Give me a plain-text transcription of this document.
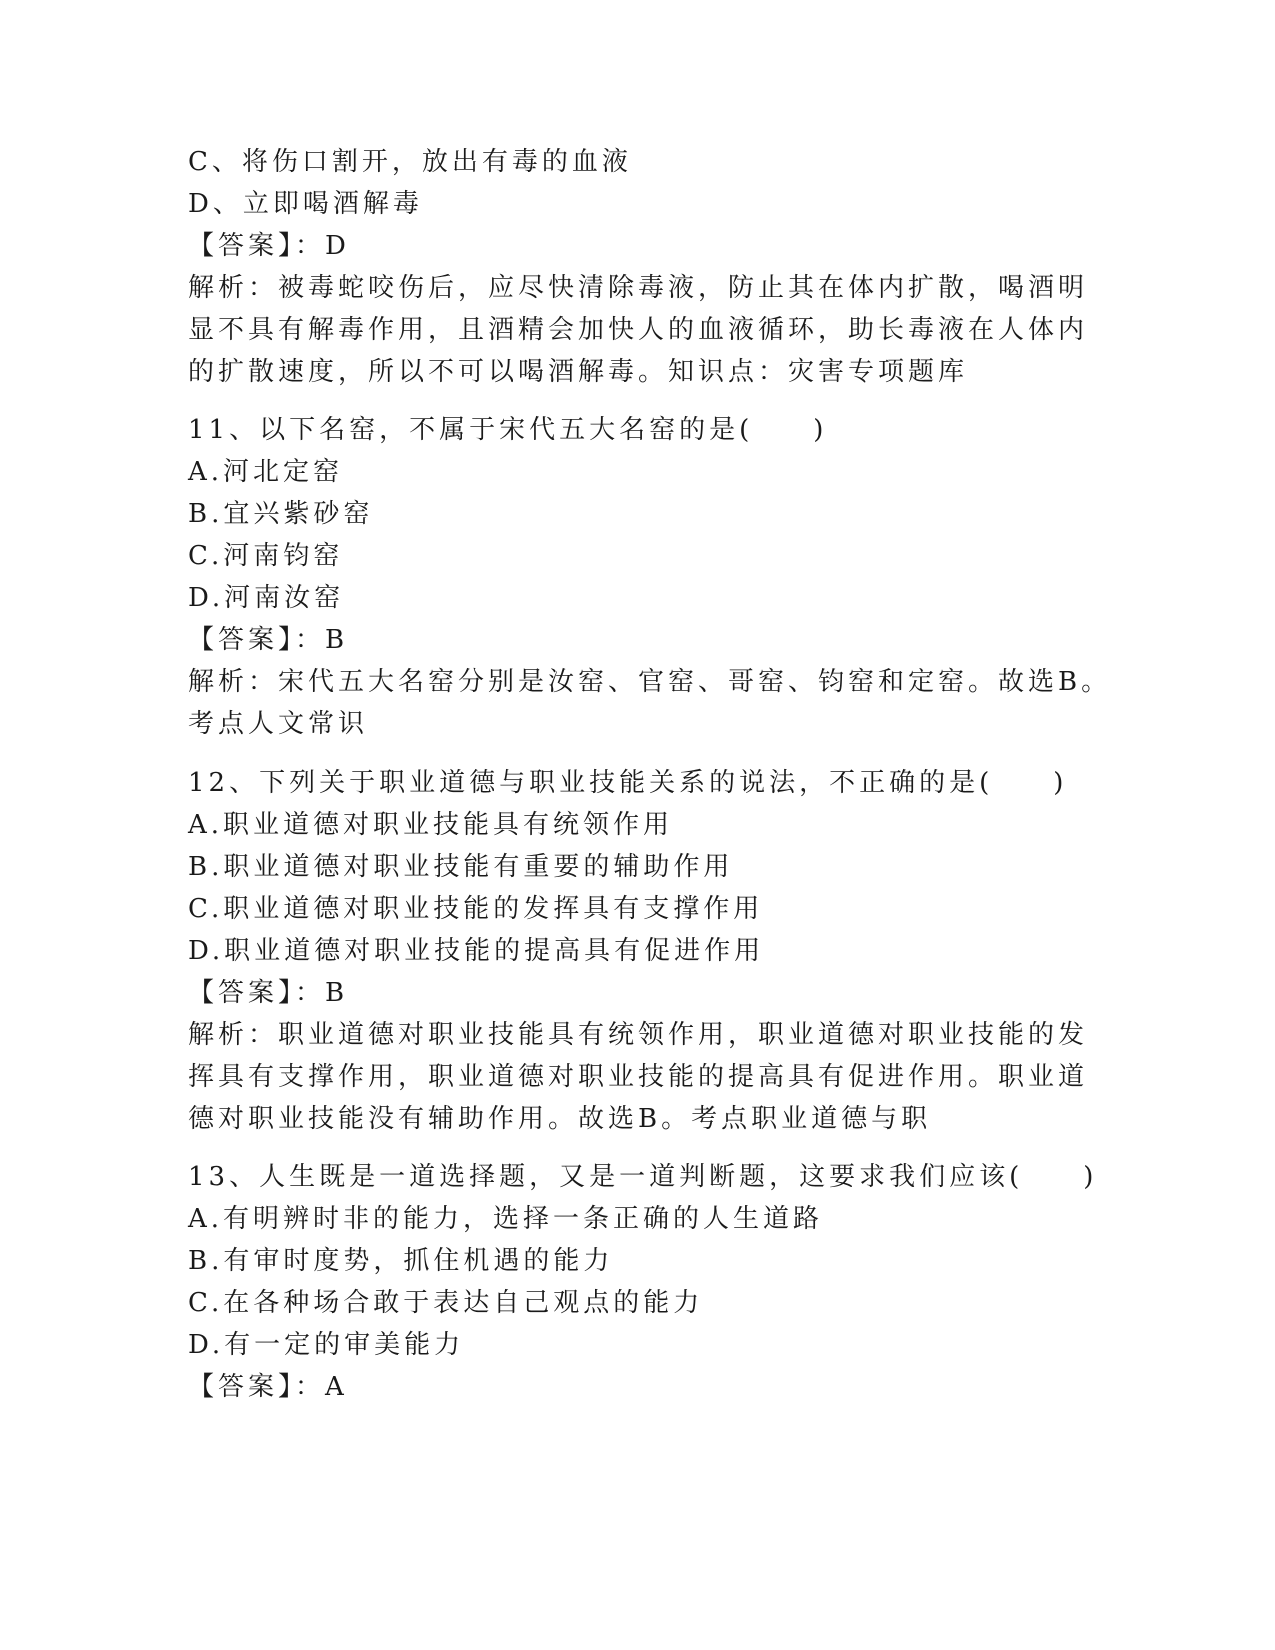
C、将伤口割开，放出有毒的血液
D、立即喝酒解毒
【答案】：D
解析：被毒蛇咬伤后，应尽快清除毒液，防止其在体内扩散，喝酒明
显不具有解毒作用，且酒精会加快人的血液循环，助长毒液在人体内
的扩散速度，所以不可以喝酒解毒。知识点：灾害专项题库
11、以下名窑，不属于宋代五大名窑的是(　　)
A.河北定窑
B.宜兴紫砂窑
C.河南钧窑
D.河南汝窑
【答案】：B
解析：宋代五大名窑分别是汝窑、官窑、哥窑、钧窑和定窑。故选B。
考点人文常识
12、下列关于职业道德与职业技能关系的说法，不正确的是(　　)
A.职业道德对职业技能具有统领作用
B.职业道德对职业技能有重要的辅助作用
C.职业道德对职业技能的发挥具有支撑作用
D.职业道德对职业技能的提高具有促进作用
【答案】：B
解析：职业道德对职业技能具有统领作用，职业道德对职业技能的发
挥具有支撑作用，职业道德对职业技能的提高具有促进作用。职业道
德对职业技能没有辅助作用。故选B。考点职业道德与职
13、人生既是一道选择题，又是一道判断题，这要求我们应该(　　)
A.有明辨时非的能力，选择一条正确的人生道路
B.有审时度势，抓住机遇的能力
C.在各种场合敢于表达自己观点的能力
D.有一定的审美能力
【答案】：A
